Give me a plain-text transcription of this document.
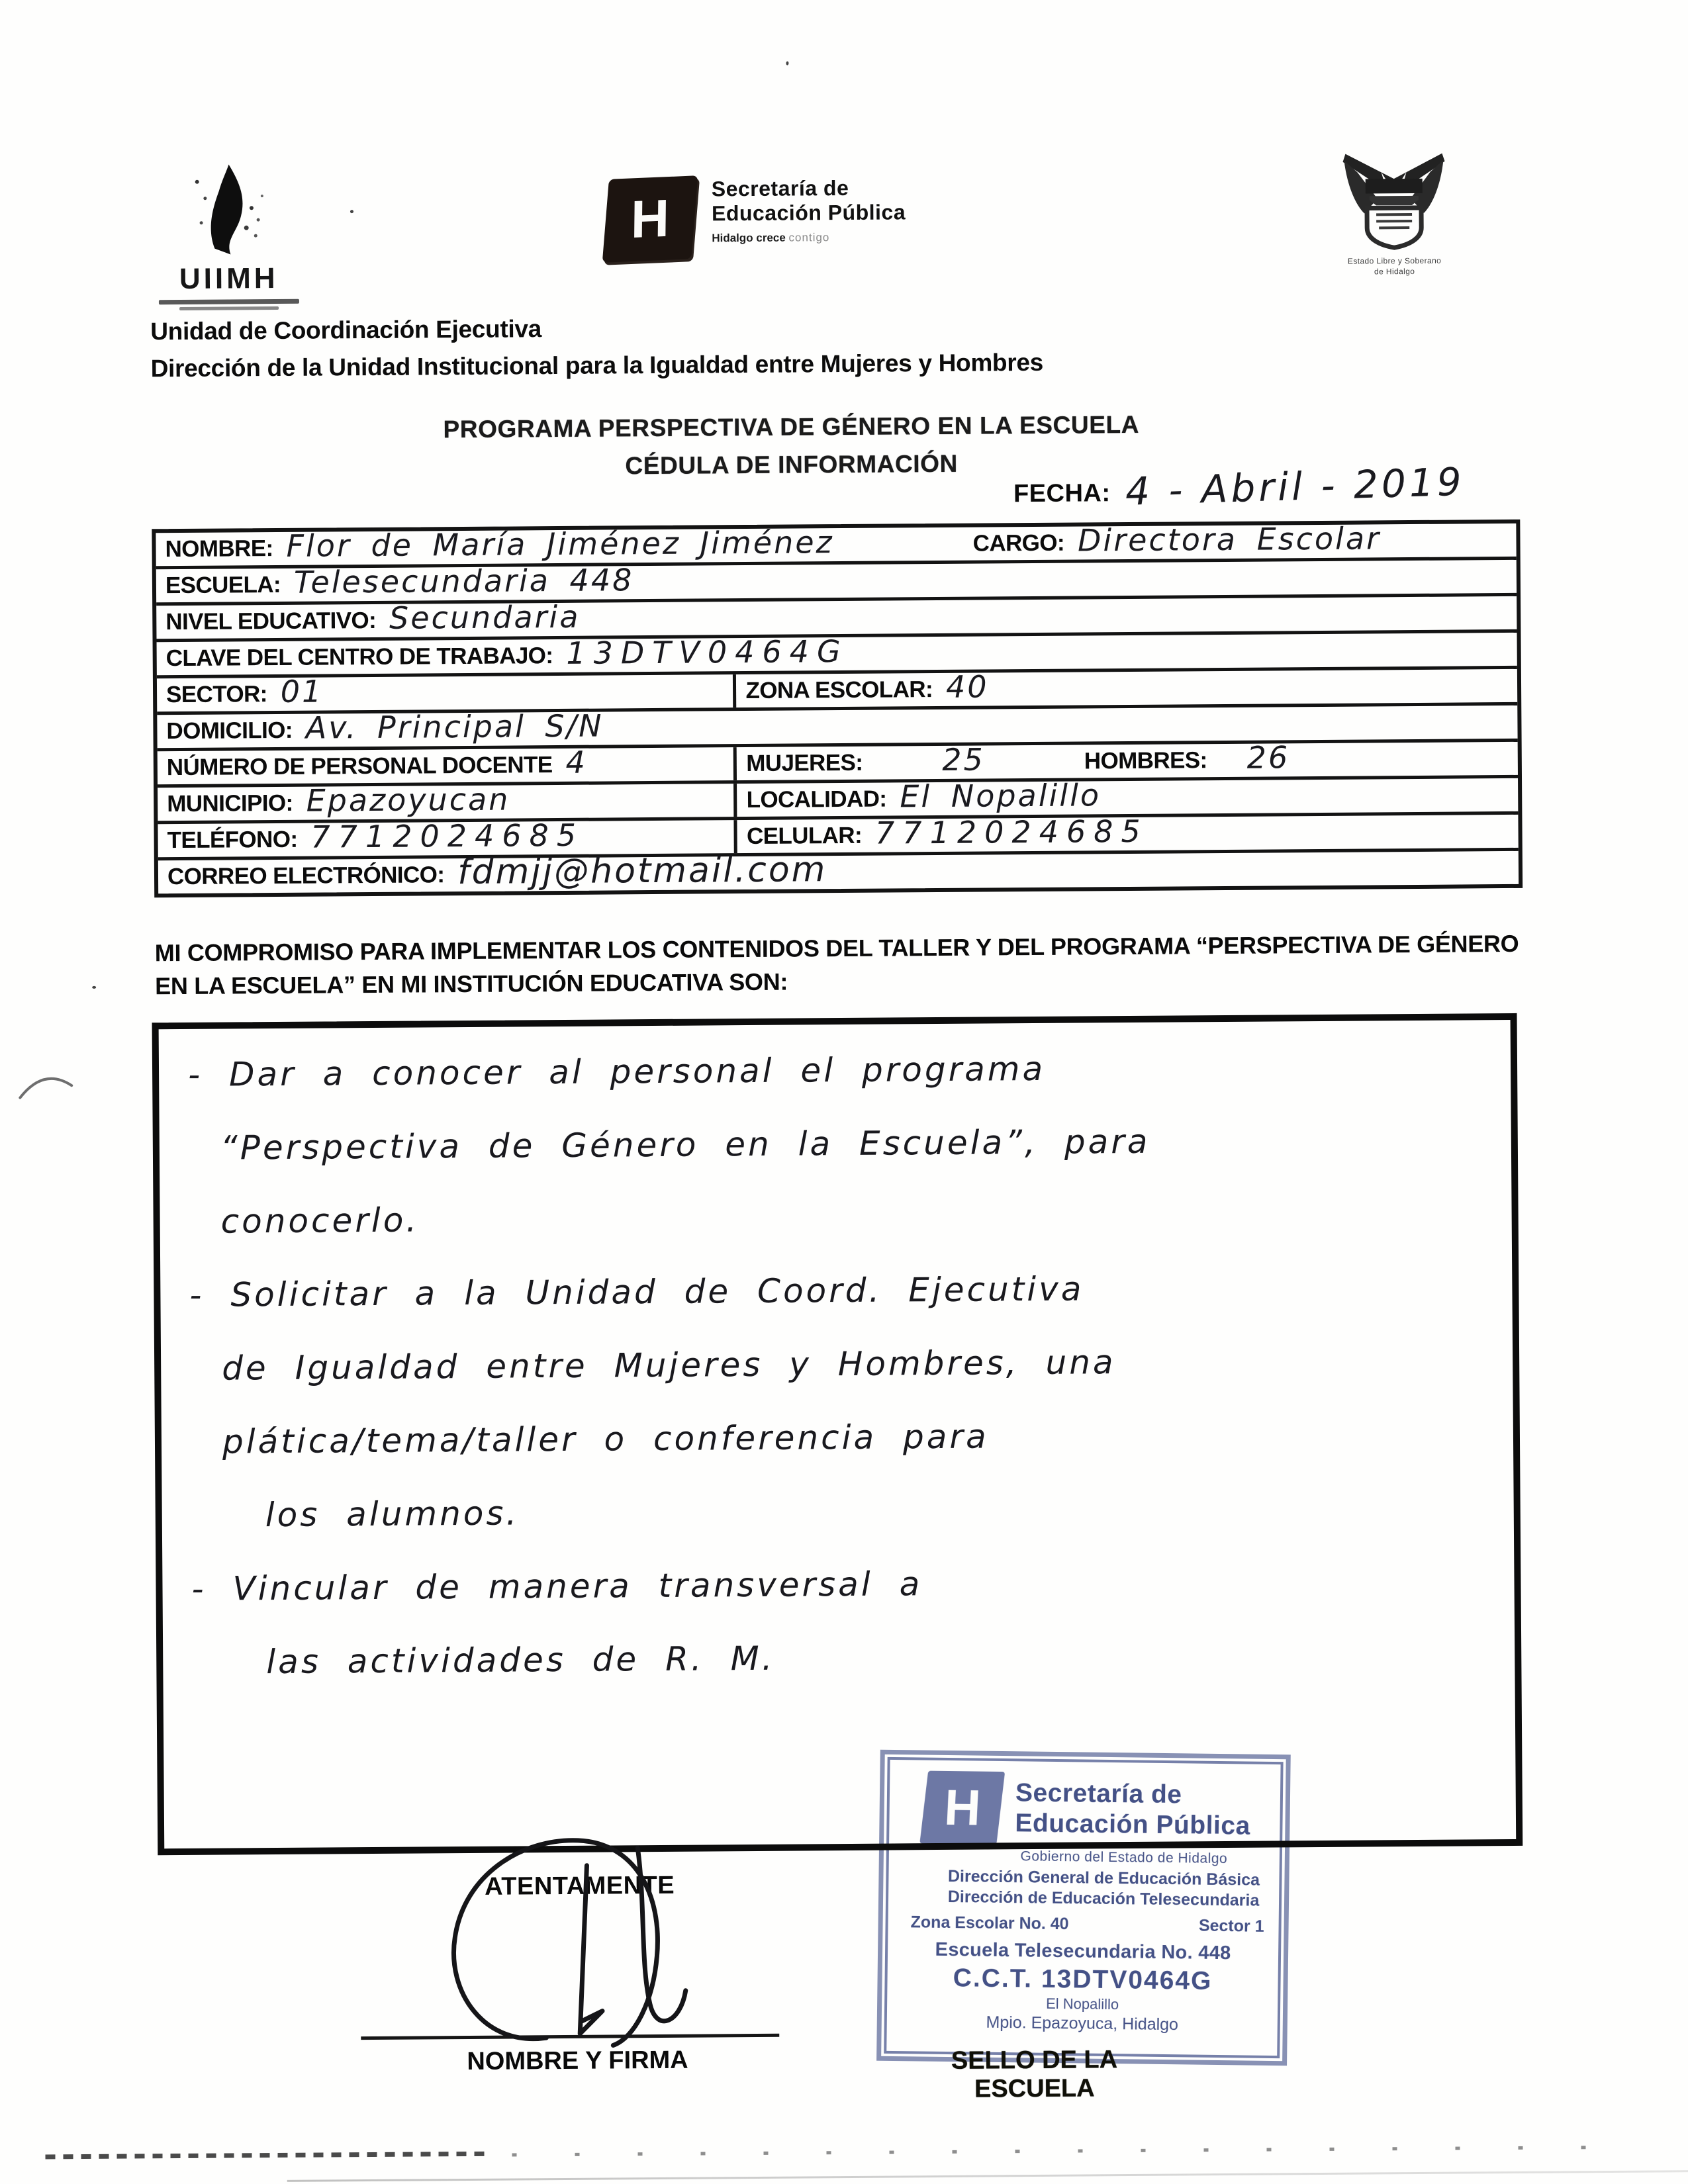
UIIMH
H
Secretaría de
Educación Pública
Hidalgo crece contigo
Estado Libre y Soberano
de Hidalgo
Unidad de Coordinación Ejecutiva
Dirección de la Unidad Institucional para la Igualdad entre Mujeres y Hombres
PROGRAMA PERSPECTIVA DE GÉNERO EN LA ESCUELA
CÉDULA DE INFORMACIÓN
FECHA: 4 - Abril - 2019
NOMBRE: Flor de María Jiménez Jiménez	CARGO: Directora Escolar
ESCUELA: Telesecundaria 448
NIVEL EDUCATIVO: Secundaria
CLAVE DEL CENTRO DE TRABAJO: 13DTV0464G
SECTOR: 01	ZONA ESCOLAR: 40
DOMICILIO: Av. Principal S/N
NÚMERO DE PERSONAL DOCENTE 4	MUJERES:	25	HOMBRES: 26
MUNICIPIO: Epazoyucan	LOCALIDAD: El Nopalillo
TELÉFONO: 7712024685	CELULAR: 7712024685
CORREO ELECTRÓNICO: fdmjj@hotmail.com
MI COMPROMISO PARA IMPLEMENTAR LOS CONTENIDOS DEL TALLER Y DEL PROGRAMA “PERSPECTIVA DE GÉNERO
EN LA ESCUELA” EN MI INSTITUCIÓN EDUCATIVA SON:
- Dar a conocer al personal el programa
“Perspectiva de Género en la Escuela”, para
conocerlo.
- Solicitar a la Unidad de Coord. Ejecutiva
de Igualdad entre Mujeres y Hombres, una
plática/tema/taller o conferencia para
los alumnos.
- Vincular de manera transversal a
las actividades de R. M.
ATENTAMENTE
NOMBRE Y FIRMA
H Secretaría de
Educación Pública
Gobierno del Estado de Hidalgo
Dirección General de Educación Básica
Dirección de Educación Telesecundaria
Zona Escolar No. 40	Sector 1
Escuela Telesecundaria No. 448
C.C.T. 13DTV0464G
El Nopalillo
Mpio. Epazoyuca, Hidalgo
SELLO DE LA ESCUELA
